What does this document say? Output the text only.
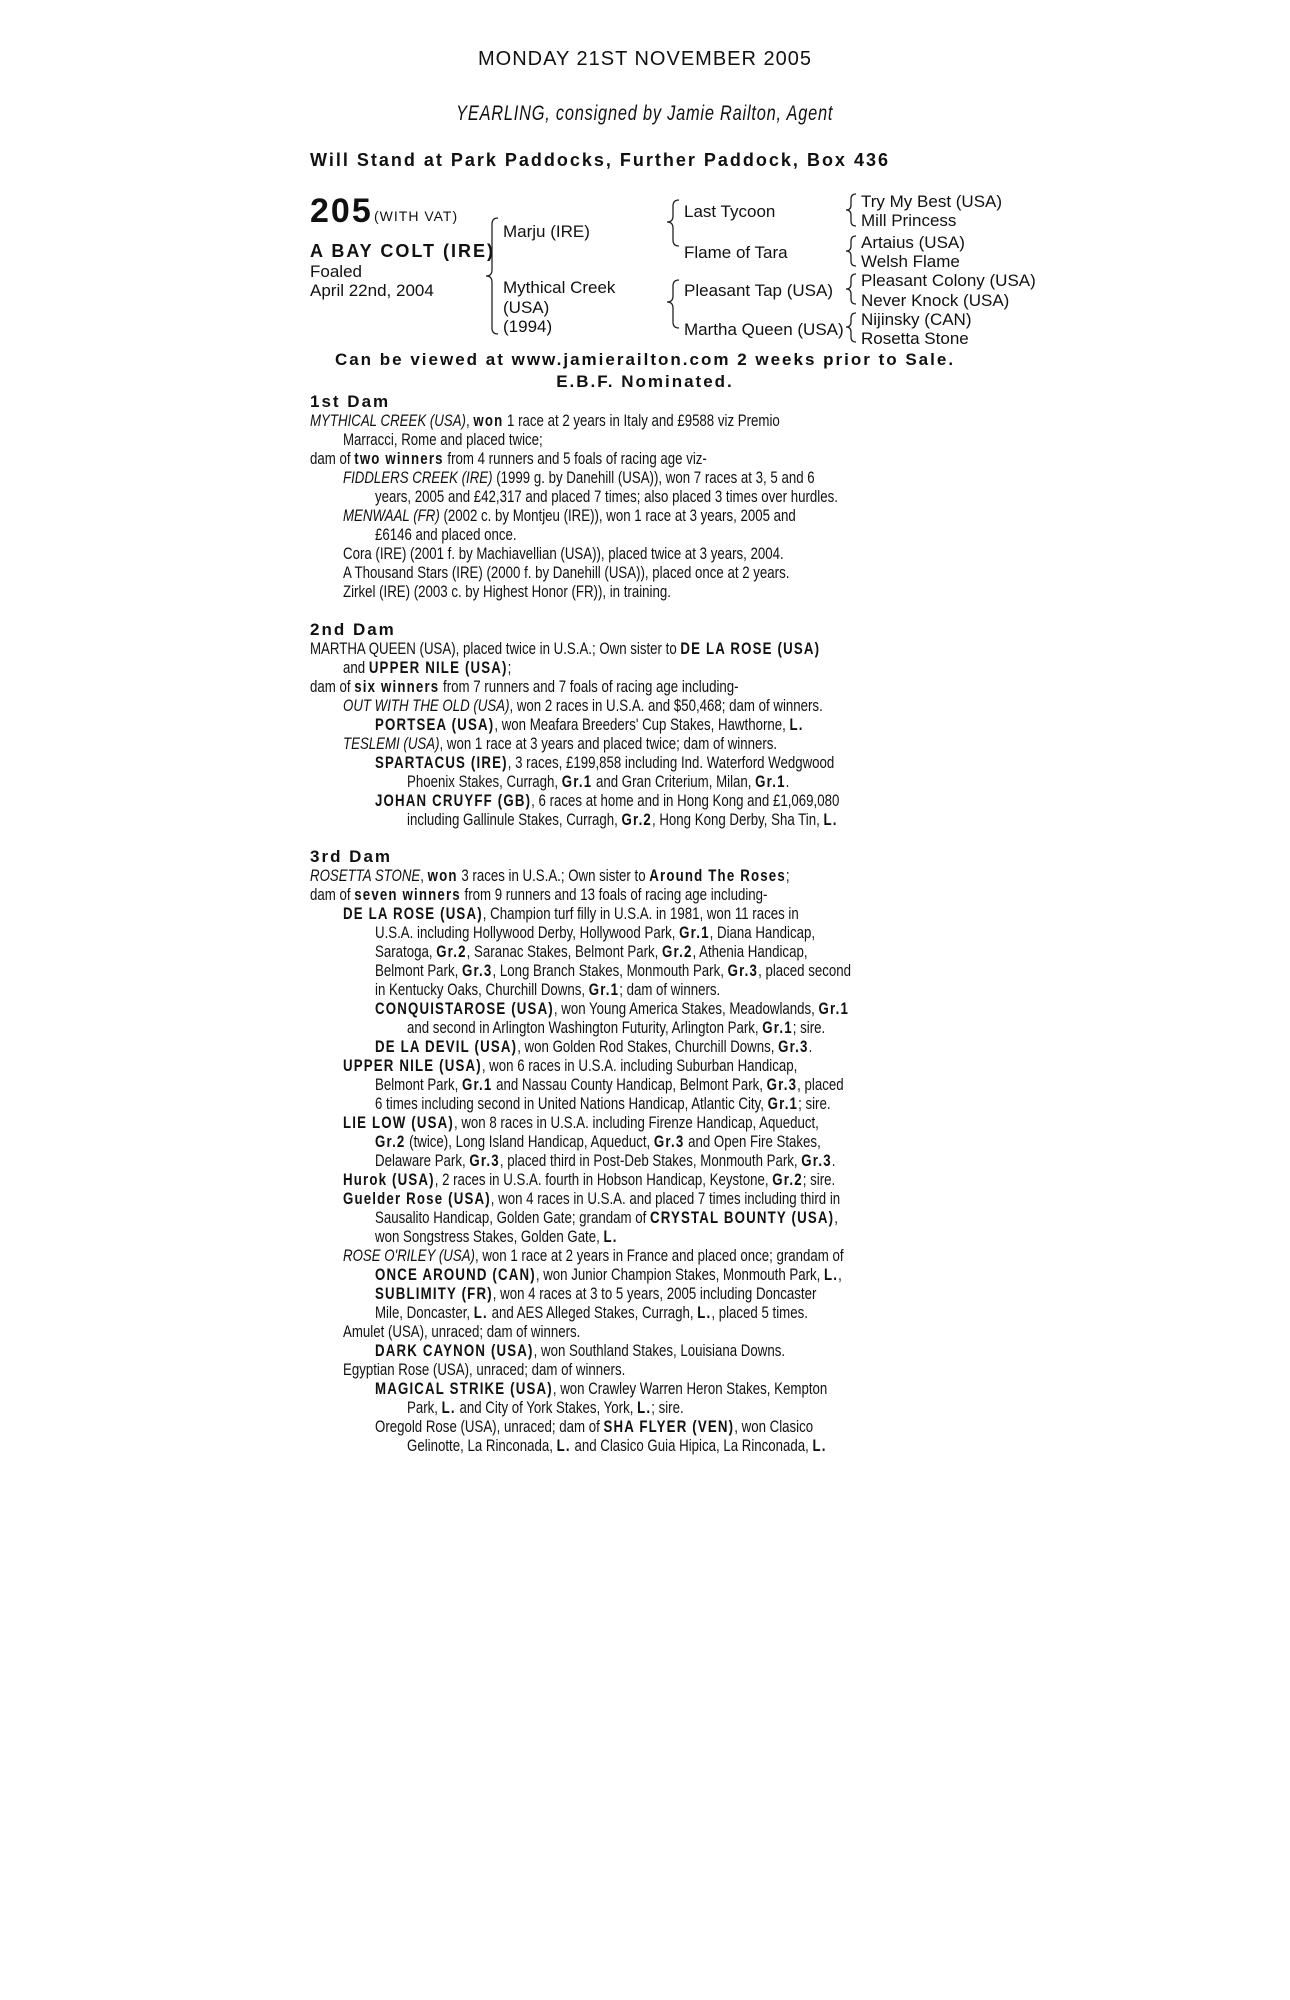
MONDAY 21ST NOVEMBER 2005
YEARLING, consigned by Jamie Railton, Agent
Will Stand at Park Paddocks, Further Paddock, Box 436
205 (WITH VAT)
A BAY COLT (IRE)
Foaled
April 22nd, 2004
Marju (IRE)
Mythical Creek
(USA)
(1994)
Last Tycoon
Flame of Tara
Pleasant Tap (USA)
Martha Queen (USA)
Try My Best (USA)
Mill Princess
Artaius (USA)
Welsh Flame
Pleasant Colony (USA)
Never Knock (USA)
Nijinsky (CAN)
Rosetta Stone
Can be viewed at www.jamierailton.com 2 weeks prior to Sale.
E.B.F. Nominated.
1st Dam
MYTHICAL CREEK (USA), won 1 race at 2 years in Italy and £9588 viz Premio
Marracci, Rome and placed twice;
dam of two winners from 4 runners and 5 foals of racing age viz-
FIDDLERS CREEK (IRE) (1999 g. by Danehill (USA)), won 7 races at 3, 5 and 6
years, 2005 and £42,317 and placed 7 times; also placed 3 times over hurdles.
MENWAAL (FR) (2002 c. by Montjeu (IRE)), won 1 race at 3 years, 2005 and
£6146 and placed once.
Cora (IRE) (2001 f. by Machiavellian (USA)), placed twice at 3 years, 2004.
A Thousand Stars (IRE) (2000 f. by Danehill (USA)), placed once at 2 years.
Zirkel (IRE) (2003 c. by Highest Honor (FR)), in training.
2nd Dam
MARTHA QUEEN (USA), placed twice in U.S.A.; Own sister to DE LA ROSE (USA)
and UPPER NILE (USA);
dam of six winners from 7 runners and 7 foals of racing age including-
OUT WITH THE OLD (USA), won 2 races in U.S.A. and $50,468; dam of winners.
PORTSEA (USA), won Meafara Breeders' Cup Stakes, Hawthorne, L.
TESLEMI (USA), won 1 race at 3 years and placed twice; dam of winners.
SPARTACUS (IRE), 3 races, £199,858 including Ind. Waterford Wedgwood
Phoenix Stakes, Curragh, Gr.1 and Gran Criterium, Milan, Gr.1.
JOHAN CRUYFF (GB), 6 races at home and in Hong Kong and £1,069,080
including Gallinule Stakes, Curragh, Gr.2, Hong Kong Derby, Sha Tin, L.
3rd Dam
ROSETTA STONE, won 3 races in U.S.A.; Own sister to Around The Roses;
dam of seven winners from 9 runners and 13 foals of racing age including-
DE LA ROSE (USA), Champion turf filly in U.S.A. in 1981, won 11 races in
U.S.A. including Hollywood Derby, Hollywood Park, Gr.1, Diana Handicap,
Saratoga, Gr.2, Saranac Stakes, Belmont Park, Gr.2, Athenia Handicap,
Belmont Park, Gr.3, Long Branch Stakes, Monmouth Park, Gr.3, placed second
in Kentucky Oaks, Churchill Downs, Gr.1; dam of winners.
CONQUISTAROSE (USA), won Young America Stakes, Meadowlands, Gr.1
and second in Arlington Washington Futurity, Arlington Park, Gr.1; sire.
DE LA DEVIL (USA), won Golden Rod Stakes, Churchill Downs, Gr.3.
UPPER NILE (USA), won 6 races in U.S.A. including Suburban Handicap,
Belmont Park, Gr.1 and Nassau County Handicap, Belmont Park, Gr.3, placed
6 times including second in United Nations Handicap, Atlantic City, Gr.1; sire.
LIE LOW (USA), won 8 races in U.S.A. including Firenze Handicap, Aqueduct,
Gr.2 (twice), Long Island Handicap, Aqueduct, Gr.3 and Open Fire Stakes,
Delaware Park, Gr.3, placed third in Post-Deb Stakes, Monmouth Park, Gr.3.
Hurok (USA), 2 races in U.S.A. fourth in Hobson Handicap, Keystone, Gr.2; sire.
Guelder Rose (USA), won 4 races in U.S.A. and placed 7 times including third in
Sausalito Handicap, Golden Gate; grandam of CRYSTAL BOUNTY (USA),
won Songstress Stakes, Golden Gate, L.
ROSE O'RILEY (USA), won 1 race at 2 years in France and placed once; grandam of
ONCE AROUND (CAN), won Junior Champion Stakes, Monmouth Park, L.,
SUBLIMITY (FR), won 4 races at 3 to 5 years, 2005 including Doncaster
Mile, Doncaster, L. and AES Alleged Stakes, Curragh, L., placed 5 times.
Amulet (USA), unraced; dam of winners.
DARK CAYNON (USA), won Southland Stakes, Louisiana Downs.
Egyptian Rose (USA), unraced; dam of winners.
MAGICAL STRIKE (USA), won Crawley Warren Heron Stakes, Kempton
Park, L. and City of York Stakes, York, L.; sire.
Oregold Rose (USA), unraced; dam of SHA FLYER (VEN), won Clasico
Gelinotte, La Rinconada, L. and Clasico Guia Hipica, La Rinconada, L.
